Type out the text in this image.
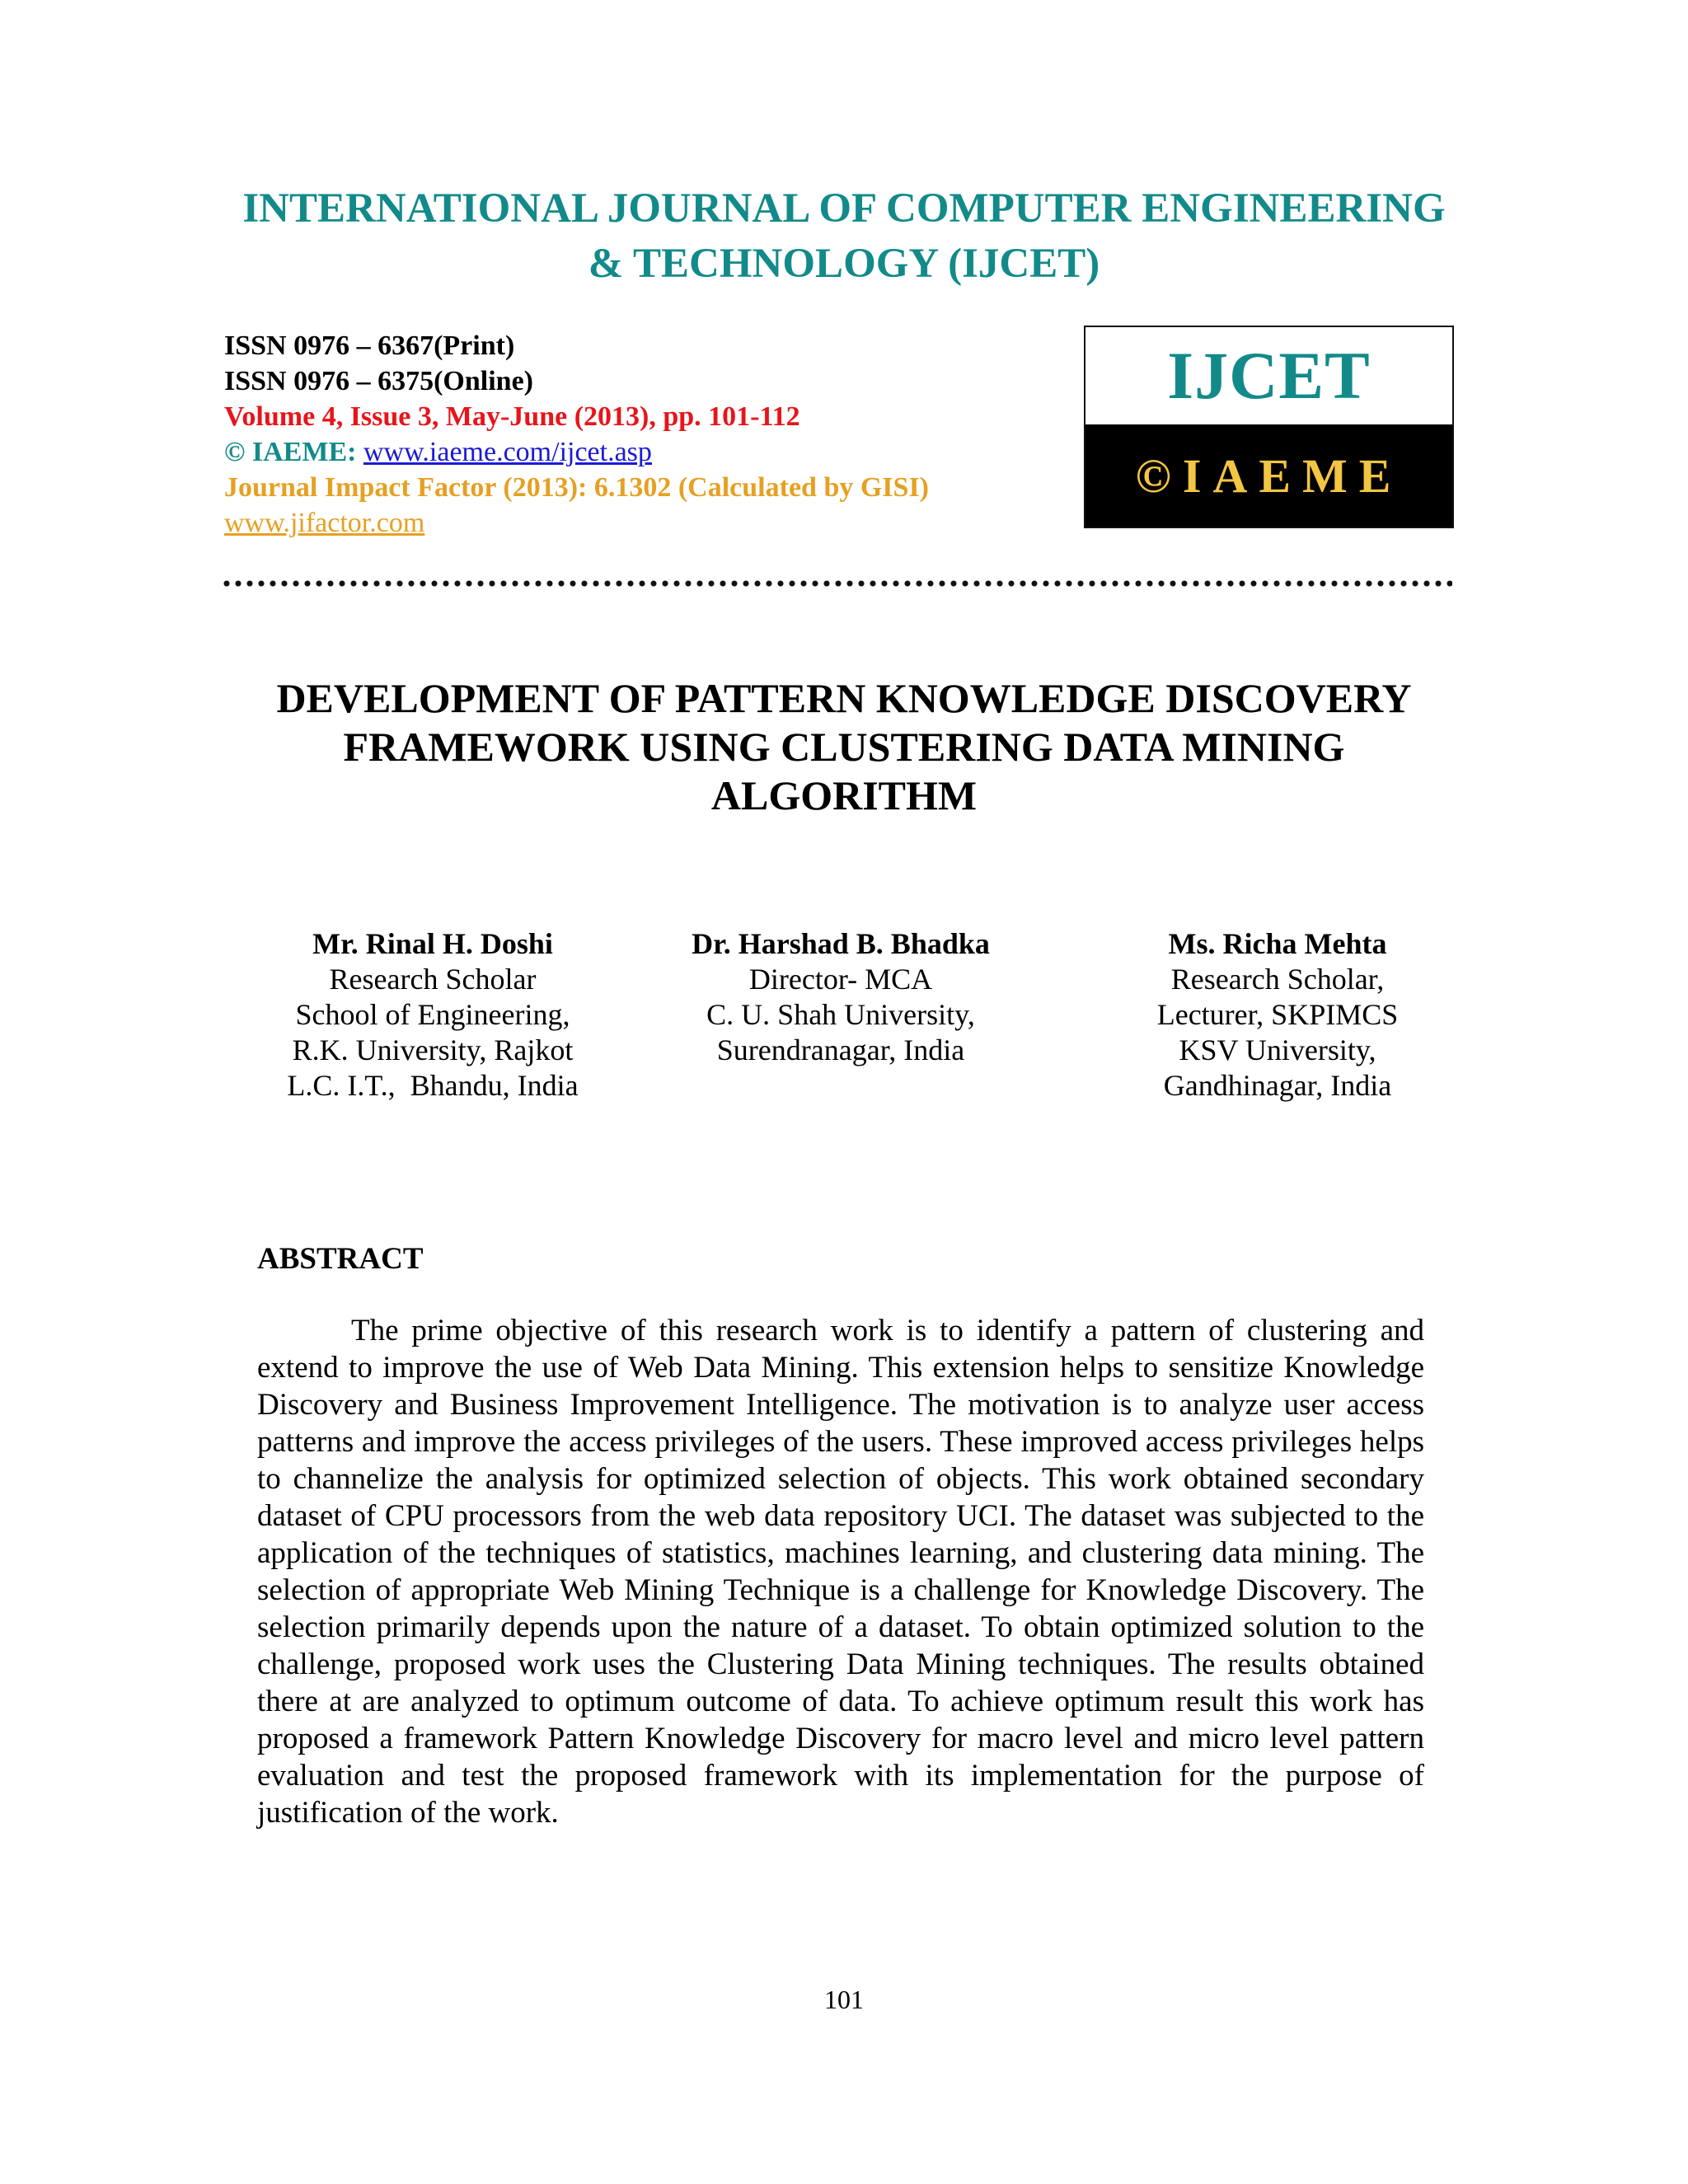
INTERNATIONAL JOURNAL OF COMPUTER ENGINEERING
& TECHNOLOGY (IJCET)
ISSN 0976 – 6367(Print)
ISSN 0976 – 6375(Online)
Volume 4, Issue 3, May-June (2013), pp. 101-112
© IAEME: www.iaeme.com/ijcet.asp
Journal Impact Factor (2013): 6.1302 (Calculated by GISI)
www.jifactor.com
IJCET
©IAEME
DEVELOPMENT OF PATTERN KNOWLEDGE DISCOVERY
FRAMEWORK USING CLUSTERING DATA MINING
ALGORITHM
Mr. Rinal H. Doshi
Research Scholar
School of Engineering,
R.K. University, Rajkot
L.C. I.T.,  Bhandu, India
Dr. Harshad B. Bhadka
Director- MCA
C. U. Shah University,
Surendranagar, India
Ms. Richa Mehta
Research Scholar,
Lecturer, SKPIMCS
KSV University,
Gandhinagar, India
ABSTRACT

The prime objective of this research work is to identify a pattern of clustering and extend to improve the use of Web Data Mining. This extension helps to sensitize Knowledge Discovery and Business Improvement Intelligence. The motivation is to analyze user access patterns and improve the access privileges of the users. These improved access privileges helps to channelize the analysis for optimized selection of objects. This work obtained secondary dataset of CPU processors from the web data repository UCI. The dataset was subjected to the application of the techniques of statistics, machines learning, and clustering data mining. The selection of appropriate Web Mining Technique is a challenge for Knowledge Discovery. The selection primarily depends upon the nature of a dataset. To obtain optimized solution to the challenge, proposed work uses the Clustering Data Mining techniques. The results obtained there at are analyzed to optimum outcome of data. To achieve optimum result this work has proposed a framework Pattern Knowledge Discovery for macro level and micro level pattern evaluation and test the proposed framework with its implementation for the purpose of justification of the work.

101
